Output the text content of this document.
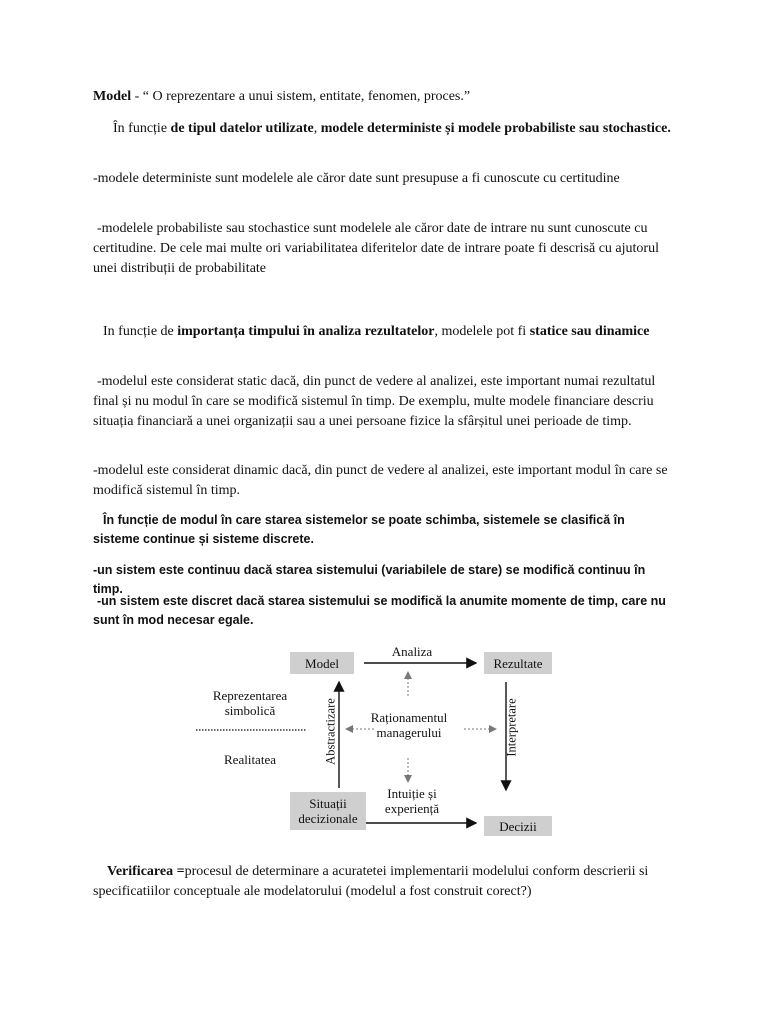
Model - “ O reprezentare a unui sistem, entitate, fenomen, proces.”

În funcție de tipul datelor utilizate, modele deterministe și modele probabiliste sau stochastice.

-modele deterministe sunt modelele ale căror date sunt presupuse a fi cunoscute cu certitudine

-modelele probabiliste sau stochastice sunt modelele ale căror date de intrare nu sunt cunoscute cu certitudine. De cele mai multe ori variabilitatea diferitelor date de intrare poate fi descrisă cu ajutorul unei distribuții de probabilitate

In funcție de importanța timpului în analiza rezultatelor, modelele pot fi statice sau dinamice

-modelul este considerat static dacă, din punct de vedere al analizei, este important numai rezultatul final și nu modul în care se modifică sistemul în timp. De exemplu, multe modele financiare descriu situația financiară a unei organizații sau a unei persoane fizice la sfârșitul unei perioade de timp.

-modelul este considerat dinamic dacă, din punct de vedere al analizei, este important modul în care se modifică sistemul în timp.

În funcție de modul în care starea sistemelor se poate schimba, sistemele se clasifică în sisteme continue și sisteme discrete.

-un sistem este continuu dacă starea sistemului (variabilele de stare) se modifică continuu în timp.

-un sistem este discret dacă starea sistemului se modifică la anumite momente de timp, care nu sunt în mod necesar egale.

Model
Analiza
Rezultate
Reprezentarea simbolică	Abstractizare	Raționamentul managerului	Interpretare
Realitatea
Situații decizionale
Intuiție și experiență
Decizii

Verificarea =procesul de determinare a acuratetei implementarii modelului conform descrierii si specificatiilor conceptuale ale modelatorului (modelul a fost construit corect?)
